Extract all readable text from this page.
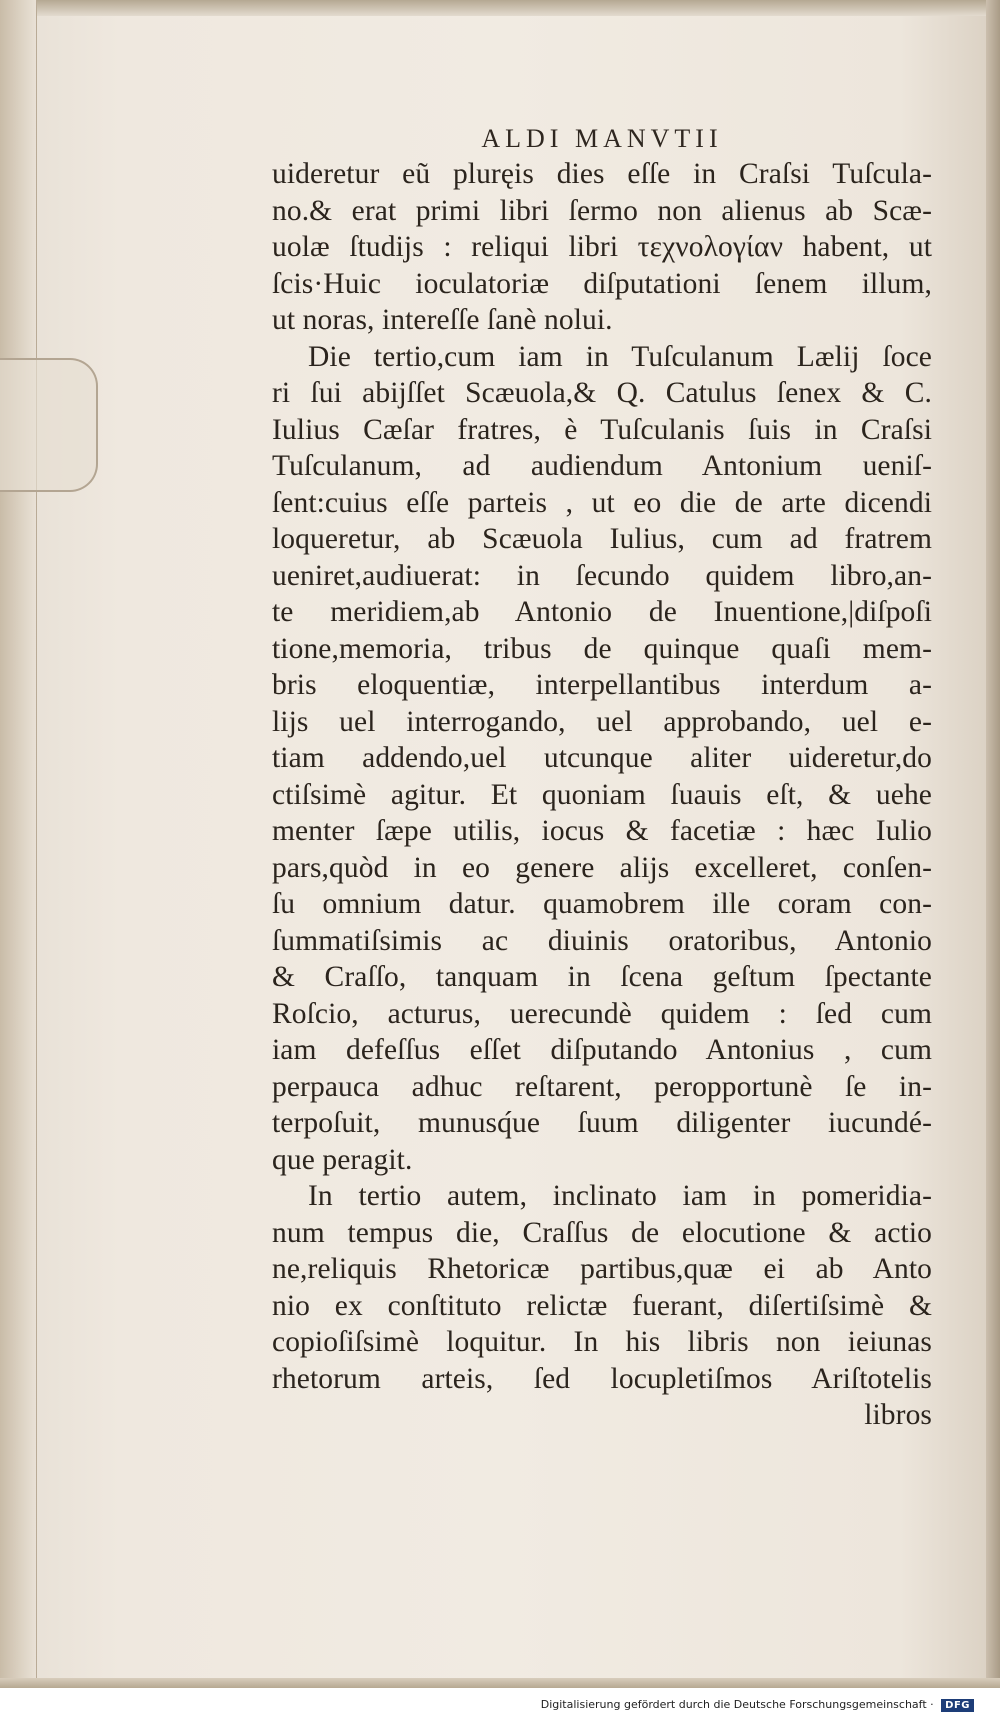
ALDI MANVTII
uideretur eũ pluręis dies eſſe in Craſsi Tuſcula-
no.& erat primi libri ſermo non alienus ab Scæ-
uolæ ſtudijs : reliqui libri τεχνολογίαν habent, ut
ſcis·Huic ioculatoriæ diſputationi ſenem illum,
ut noras, intereſſe ſanè nolui.
Die tertio,cum iam in Tuſculanum Lælij ſoce
ri ſui abijſſet Scæuola,& Q. Catulus ſenex & C.
Iulius Cæſar fratres, è Tuſculanis ſuis in Craſsi
Tuſculanum, ad audiendum Antonium ueniſ-
ſent:cuius eſſe parteis , ut eo die de arte dicendi
loqueretur, ab Scæuola Iulius, cum ad fratrem
ueniret,audiuerat: in ſecundo quidem libro,an-
te meridiem,ab Antonio de Inuentione,|diſpoſi
tione,memoria, tribus de quinque quaſi mem-
bris eloquentiæ, interpellantibus interdum a-
lijs uel interrogando, uel approbando, uel e-
tiam addendo,uel utcunque aliter uideretur,do
ctiſsimè agitur. Et quoniam ſuauis eſt, & uehe
menter ſæpe utilis, iocus & facetiæ : hæc Iulio
pars,quòd in eo genere alijs excelleret, conſen-
ſu omnium datur. quamobrem ille coram con-
ſummatiſsimis ac diuinis oratoribus, Antonio
& Craſſo, tanquam in ſcena geſtum ſpectante
Roſcio, acturus, uerecundè quidem : ſed cum
iam defeſſus eſſet diſputando Antonius , cum
perpauca adhuc reſtarent, peropportunè ſe in-
terpoſuit, munusq́ue ſuum diligenter iucundé-
que peragit.
In tertio autem, inclinato iam in pomeridia-
num tempus die, Craſſus de elocutione & actio
ne,reliquis Rhetoricæ partibus,quæ ei ab Anto
nio ex conſtituto relictæ fuerant, diſertiſsimè &
copioſiſsimè loquitur. In his libris non ieiunas
rhetorum arteis, ſed locupletiſmos Ariſtotelis
libros
Digitalisierung gefördert durch die Deutsche Forschungsgemeinschaft · DFG
